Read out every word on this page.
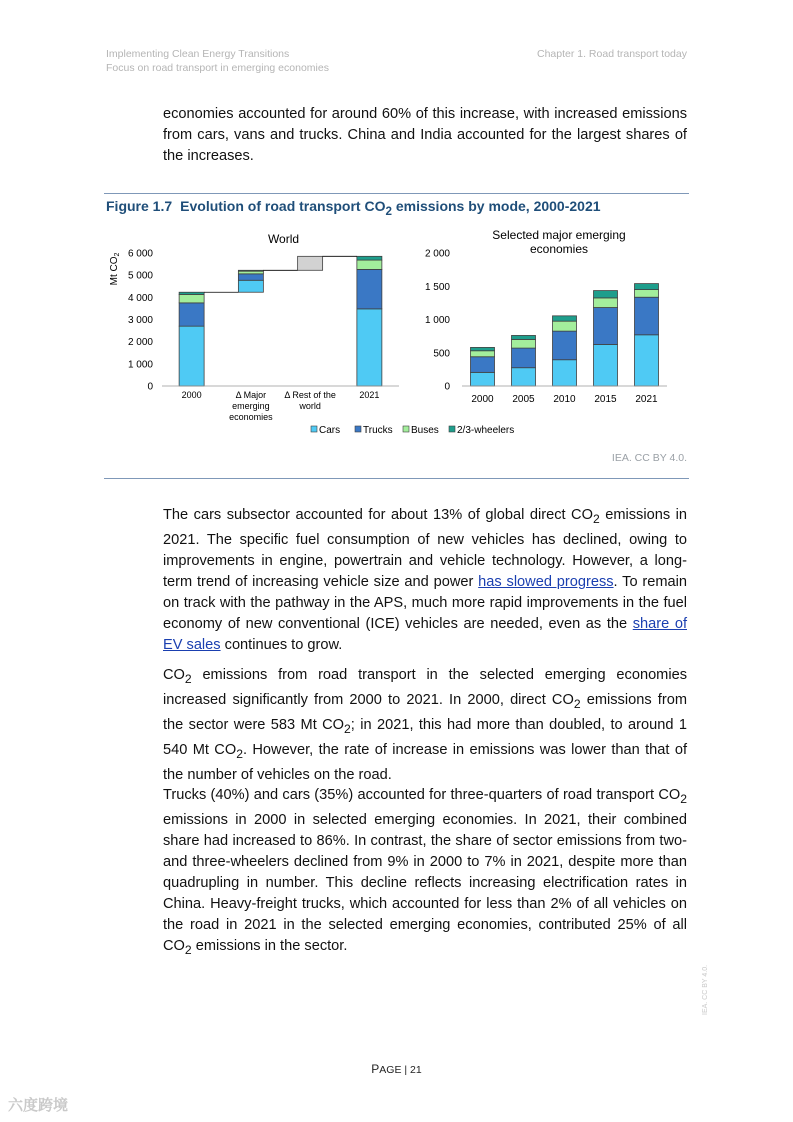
Implementing Clean Energy Transitions
Focus on road transport in emerging economies
Chapter 1. Road transport today
economies accounted for around 60% of this increase, with increased emissions from cars, vans and trucks. China and India accounted for the largest shares of the increases.
Figure 1.7 Evolution of road transport $CO_2$ emissions by mode, 2000-2021
World
Mt $CO_2$
0
1 000
2 000
3 000
4 000
5 000
6 000
2000	Δ Major
emerging
economies
Δ Rest of the
world
2021
Selected major emerging
economies
0
500
1 000
1 500
2 000
2000 2005 2010 2015 2021
Cars Trucks Buses 2/3-wheelers
IEA. CC BY 4.0.
The cars subsector accounted for about 13% of global direct $CO_2$ emissions in 2021. The specific fuel consumption of new vehicles has declined, owing to improvements in engine, powertrain and vehicle technology. However, a long-term trend of increasing vehicle size and power has slowed progress. To remain on track with the pathway in the APS, much more rapid improvements in the fuel economy of new conventional (ICE) vehicles are needed, even as the share of EV sales continues to grow.
$CO_2$ emissions from road transport in the selected emerging economies increased significantly from 2000 to 2021. In 2000, direct $CO_2$ emissions from the sector were 583 Mt $CO_2$; in 2021, this had more than doubled, to around 1 540 Mt $CO_2$. However, the rate of increase in emissions was lower than that of the number of vehicles on the road.
Trucks (40%) and cars (35%) accounted for three-quarters of road transport $CO_2$ emissions in 2000 in selected emerging economies. In 2021, their combined share had increased to 86%. In contrast, the share of sector emissions from two- and three-wheelers declined from 9% in 2000 to 7% in 2021, despite more than quadrupling in number. This decline reflects increasing electrification rates in China. Heavy-freight trucks, which accounted for less than 2% of all vehicles on the road in 2021 in the selected emerging economies, contributed 25% of all $CO_2$ emissions in the sector.
PAGE | 21
IEA. CC BY 4.0.
六度跨境
